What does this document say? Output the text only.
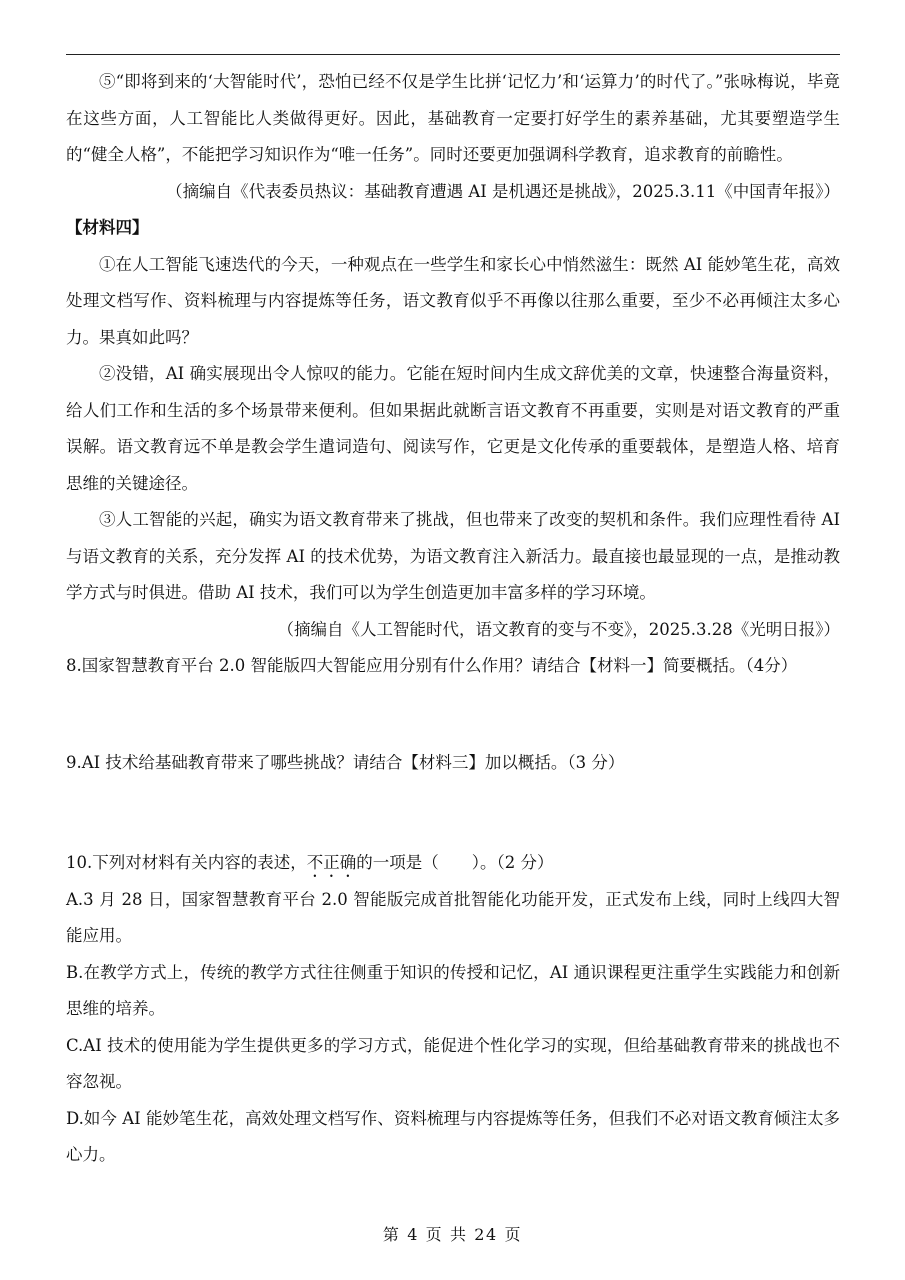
⑤“即将到来的‘大智能时代’，恐怕已经不仅是学生比拼‘记忆力’和‘运算力’的时代了。”张咏梅说，毕竟在这些方面，人工智能比人类做得更好。因此，基础教育一定要打好学生的素养基础，尤其要塑造学生的“健全人格”，不能把学习知识作为“唯一任务”。同时还要更加强调科学教育，追求教育的前瞻性。

（摘编自《代表委员热议：基础教育遭遇 AI 是机遇还是挑战》，2025.3.11《中国青年报》）

【材料四】

①在人工智能飞速迭代的今天，一种观点在一些学生和家长心中悄然滋生：既然 AI 能妙笔生花，高效处理文档写作、资料梳理与内容提炼等任务，语文教育似乎不再像以往那么重要，至少不必再倾注太多心力。果真如此吗？

②没错，AI 确实展现出令人惊叹的能力。它能在短时间内生成文辞优美的文章，快速整合海量资料，给人们工作和生活的多个场景带来便利。但如果据此就断言语文教育不再重要，实则是对语文教育的严重误解。语文教育远不单是教会学生遣词造句、阅读写作，它更是文化传承的重要载体，是塑造人格、培育思维的关键途径。

③人工智能的兴起，确实为语文教育带来了挑战，但也带来了改变的契机和条件。我们应理性看待 AI 与语文教育的关系，充分发挥 AI 的技术优势，为语文教育注入新活力。最直接也最显现的一点，是推动教学方式与时俱进。借助 AI 技术，我们可以为学生创造更加丰富多样的学习环境。

（摘编自《人工智能时代，语文教育的变与不变》，2025.3.28《光明日报》）

8.国家智慧教育平台 2.0 智能版四大智能应用分别有什么作用？请结合【材料一】简要概括。（4分）

9.AI 技术给基础教育带来了哪些挑战？请结合【材料三】加以概括。（3 分）

10.下列对材料有关内容的表述，不正确的一项是（　　）。（2 分）

A.3 月 28 日，国家智慧教育平台 2.0 智能版完成首批智能化功能开发，正式发布上线，同时上线四大智能应用。

B.在教学方式上，传统的教学方式往往侧重于知识的传授和记忆，AI 通识课程更注重学生实践能力和创新思维的培养。

C.AI 技术的使用能为学生提供更多的学习方式，能促进个性化学习的实现，但给基础教育带来的挑战也不容忽视。

D.如今 AI 能妙笔生花，高效处理文档写作、资料梳理与内容提炼等任务，但我们不必对语文教育倾注太多心力。

第 4 页 共 24 页
